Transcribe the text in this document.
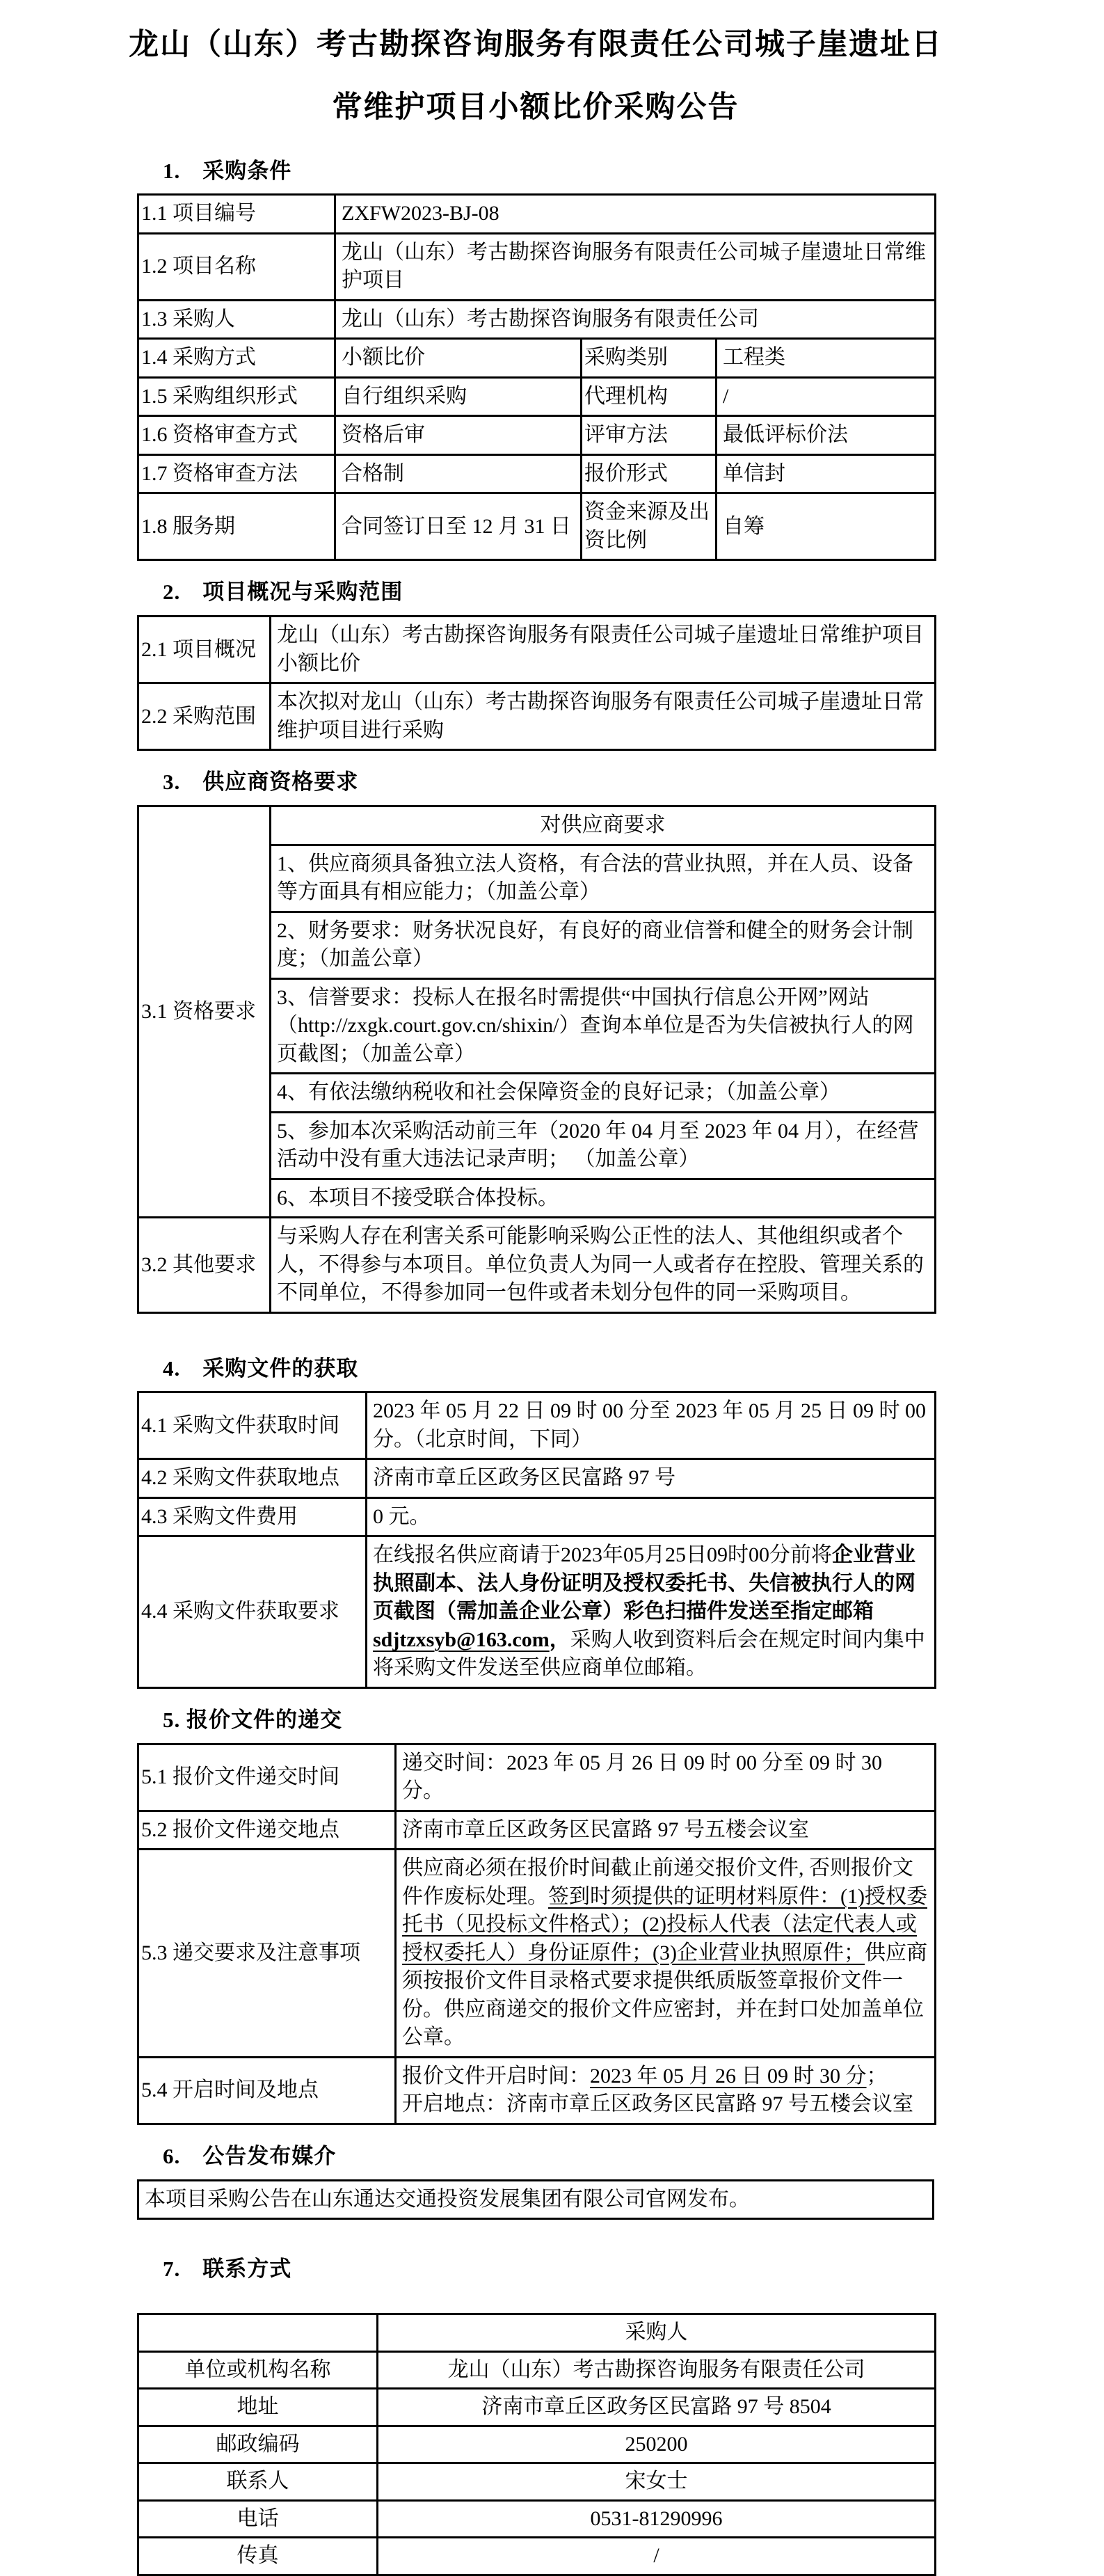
龙山（山东）考古勘探咨询服务有限责任公司城子崖遗址日
常维护项目小额比价采购公告
1.　采购条件
1.1 项目编号	ZXFW2023-BJ-08		
1.2 项目名称	龙山（山东）考古勘探咨询服务有限责任公司城子崖遗址日常维护项目		
1.3 采购人	龙山（山东）考古勘探咨询服务有限责任公司		
1.4 采购方式	小额比价	采购类别	工程类
1.5 采购组织形式	自行组织采购	代理机构	/
1.6 资格审查方式	资格后审	评审方法	最低评标价法
1.7 资格审查方法	合格制	报价形式	单信封
1.8 服务期	合同签订日至 12 月 31 日	资金来源及出资比例	自筹
2.　项目概况与采购范围
2.1 项目概况	龙山（山东）考古勘探咨询服务有限责任公司城子崖遗址日常维护项目小额比价
2.2 采购范围	本次拟对龙山（山东）考古勘探咨询服务有限责任公司城子崖遗址日常维护项目进行采购
3.　供应商资格要求
3.1 资格要求	对供应商要求
	1、供应商须具备独立法人资格，有合法的营业执照，并在人员、设备等方面具有相应能力；（加盖公章）
	2、财务要求：财务状况良好，有良好的商业信誉和健全的财务会计制度；（加盖公章）
	3、信誉要求：投标人在报名时需提供“中国执行信息公开网”网站（http://zxgk.court.gov.cn/shixin/）查询本单位是否为失信被执行人的网页截图；（加盖公章）
	4、有依法缴纳税收和社会保障资金的良好记录；（加盖公章）
	5、参加本次采购活动前三年（2020 年 04 月至 2023 年 04 月），在经营活动中没有重大违法记录声明； （加盖公章）
	6、本项目不接受联合体投标。
3.2 其他要求	与采购人存在利害关系可能影响采购公正性的法人、其他组织或者个人，不得参与本项目。单位负责人为同一人或者存在控股、管理关系的不同单位，不得参加同一包件或者未划分包件的同一采购项目。
4.　采购文件的获取
4.1 采购文件获取时间	2023 年 05 月 22 日 09 时 00 分至 2023 年 05 月 25 日 09 时 00 分。（北京时间，下同）
4.2 采购文件获取地点	济南市章丘区政务区民富路 97 号
4.3 采购文件费用	0 元。
4.4 采购文件获取要求	在线报名供应商请于2023年05月25日09时00分前将企业营业执照副本、法人身份证明及授权委托书、失信被执行人的网页截图（需加盖企业公章）彩色扫描件发送至指定邮箱sdjtzxsyb@163.com，采购人收到资料后会在规定时间内集中将采购文件发送至供应商单位邮箱。
5. 报价文件的递交
5.1 报价文件递交时间	递交时间：2023 年 05 月 26 日 09 时 00 分至 09 时 30 分。
5.2 报价文件递交地点	济南市章丘区政务区民富路 97 号五楼会议室
5.3 递交要求及注意事项	供应商必须在报价时间截止前递交报价文件, 否则报价文件作废标处理。签到时须提供的证明材料原件：(1)授权委托书（见投标文件格式）；(2)投标人代表（法定代表人或授权委托人）身份证原件；(3)企业营业执照原件；供应商须按报价文件目录格式要求提供纸质版签章报价文件一份。供应商递交的报价文件应密封，并在封口处加盖单位公章。
5.4 开启时间及地点	报价文件开启时间：2023 年 05 月 26 日 09 时 30 分；
开启地点：济南市章丘区政务区民富路 97 号五楼会议室
6.　公告发布媒介
本项目采购公告在山东通达交通投资发展集团有限公司官网发布。
7.　联系方式
	采购人
单位或机构名称	龙山（山东）考古勘探咨询服务有限责任公司
地址	济南市章丘区政务区民富路 97 号 8504
邮政编码	250200
联系人	宋女士
电话	0531-81290996
传真	/
